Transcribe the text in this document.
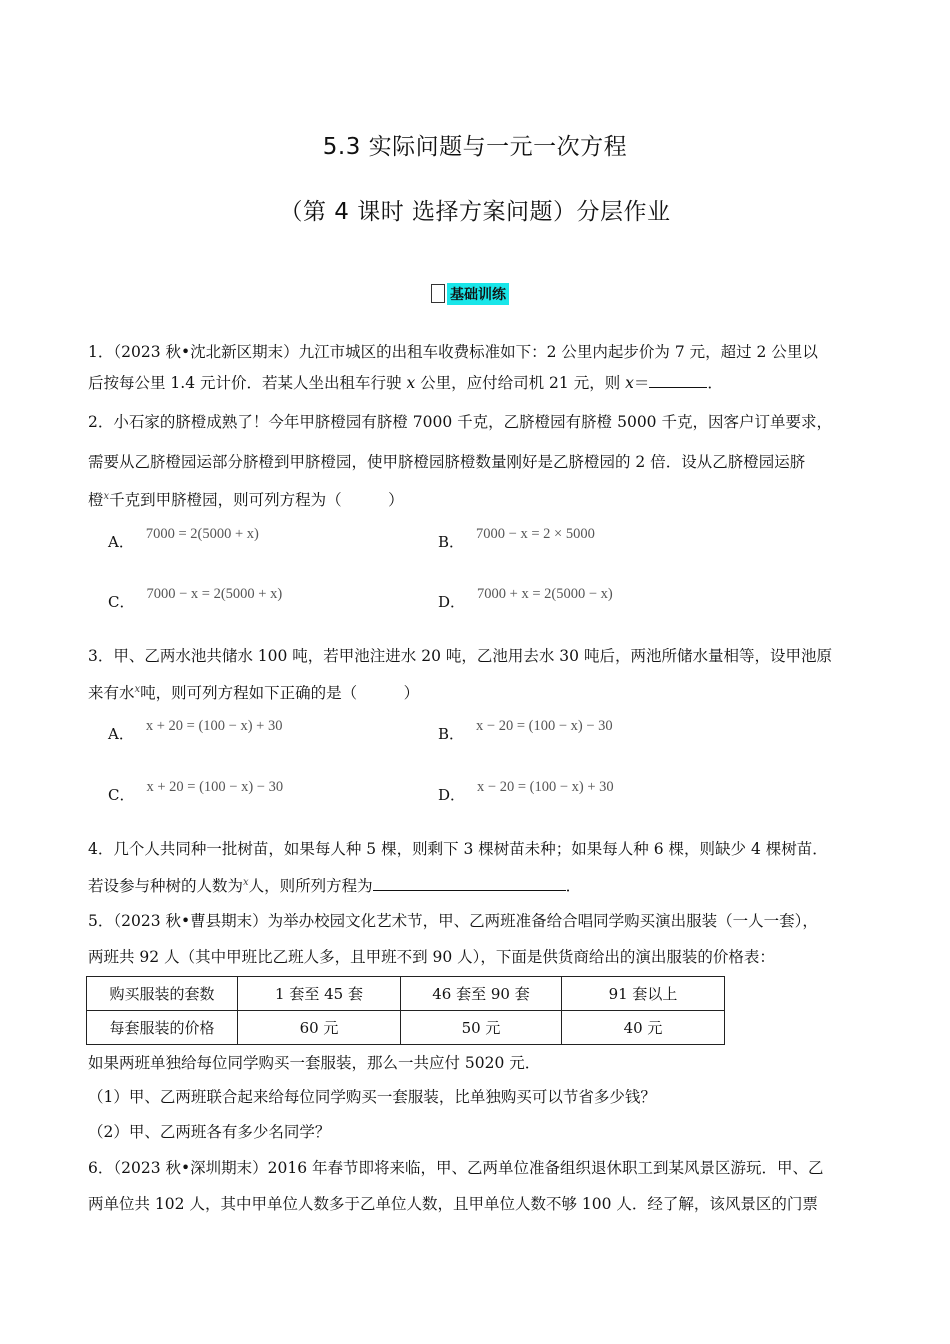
5.3 实际问题与一元一次方程
（第 4 课时 选择方案问题）分层作业
基础训练
1．（2023 秋•沈北新区期末）九江市城区的出租车收费标准如下：2 公里内起步价为 7 元，超过 2 公里以
后按每公里 1.4 元计价．若某人坐出租车行驶 x 公里，应付给司机 21 元，则 x＝	．
2．小石家的脐橙成熟了！今年甲脐橙园有脐橙 7000 千克，乙脐橙园有脐橙 5000 千克，因客户订单要求，
需要从乙脐橙园运部分脐橙到甲脐橙园，使甲脐橙园脐橙数量刚好是乙脐橙园的 2 倍．设从乙脐橙园运脐
橙$^x$千克到甲脐橙园，则可列方程为（　　　）
A． 7000 = 2(5000 + x)	B． 7000 − x = 2 × 5000
C． 7000 − x = 2(5000 + x)	D． 7000 + x = 2(5000 − x)
3．甲、乙两水池共储水 100 吨，若甲池注进水 20 吨，乙池用去水 30 吨后，两池所储水量相等，设甲池原
来有水$^x$吨，则可列方程如下正确的是（　　　）
A． x + 20 = (100 − x) + 30	B． x − 20 = (100 − x) − 30
C． x + 20 = (100 − x) − 30	D． x − 20 = (100 − x) + 30
4．几个人共同种一批树苗，如果每人种 5 棵，则剩下 3 棵树苗未种；如果每人种 6 棵，则缺少 4 棵树苗．
若设参与种树的人数为$^x$人，则所列方程为	．
5．（2023 秋•曹县期末）为举办校园文化艺术节，甲、乙两班准备给合唱同学购买演出服装（一人一套），
两班共 92 人（其中甲班比乙班人多，且甲班不到 90 人），下面是供货商给出的演出服装的价格表：
购买服装的套数	1 套至 45 套	46 套至 90 套	91 套以上
每套服装的价格	60 元	50 元	40 元
如果两班单独给每位同学购买一套服装，那么一共应付 5020 元．
（1）甲、乙两班联合起来给每位同学购买一套服装，比单独购买可以节省多少钱？
（2）甲、乙两班各有多少名同学？
6．（2023 秋•深圳期末）2016 年春节即将来临，甲、乙两单位准备组织退休职工到某风景区游玩．甲、乙
两单位共 102 人，其中甲单位人数多于乙单位人数，且甲单位人数不够 100 人．经了解，该风景区的门票
